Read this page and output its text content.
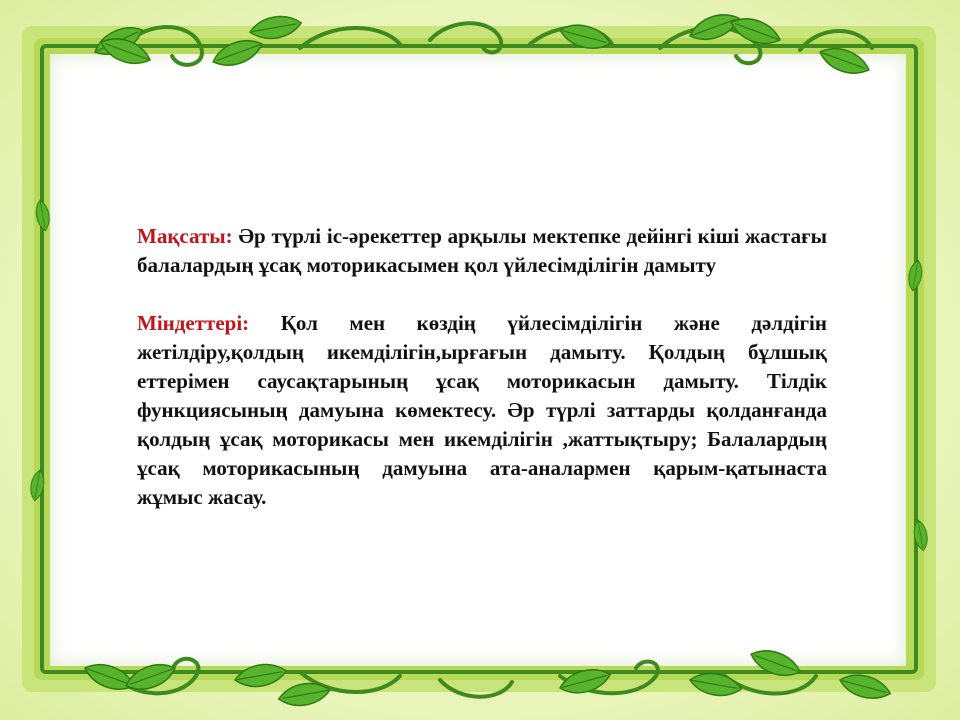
Мақсаты: Әр түрлі іс-әрекеттер арқылы мектепке дейінгі кіші жастағы балалардың ұсақ моторикасымен қол үйлесімділігін дамыту

Міндеттері: Қол мен көздің үйлесімділігін және дәлдігін жетілдіру,қолдың икемділігін,ырғағын дамыту. Қолдың бұлшық еттерімен саусақтарының ұсақ моторикасын дамыту. Тілдік функциясының дамуына көмектесу. Әр түрлі заттарды қолданғанда қолдың ұсақ моторикасы мен икемділігін ,жаттықтыру; Балалардың ұсақ моторикасының дамуына ата-аналармен қарым-қатынаста жұмыс жасау.
